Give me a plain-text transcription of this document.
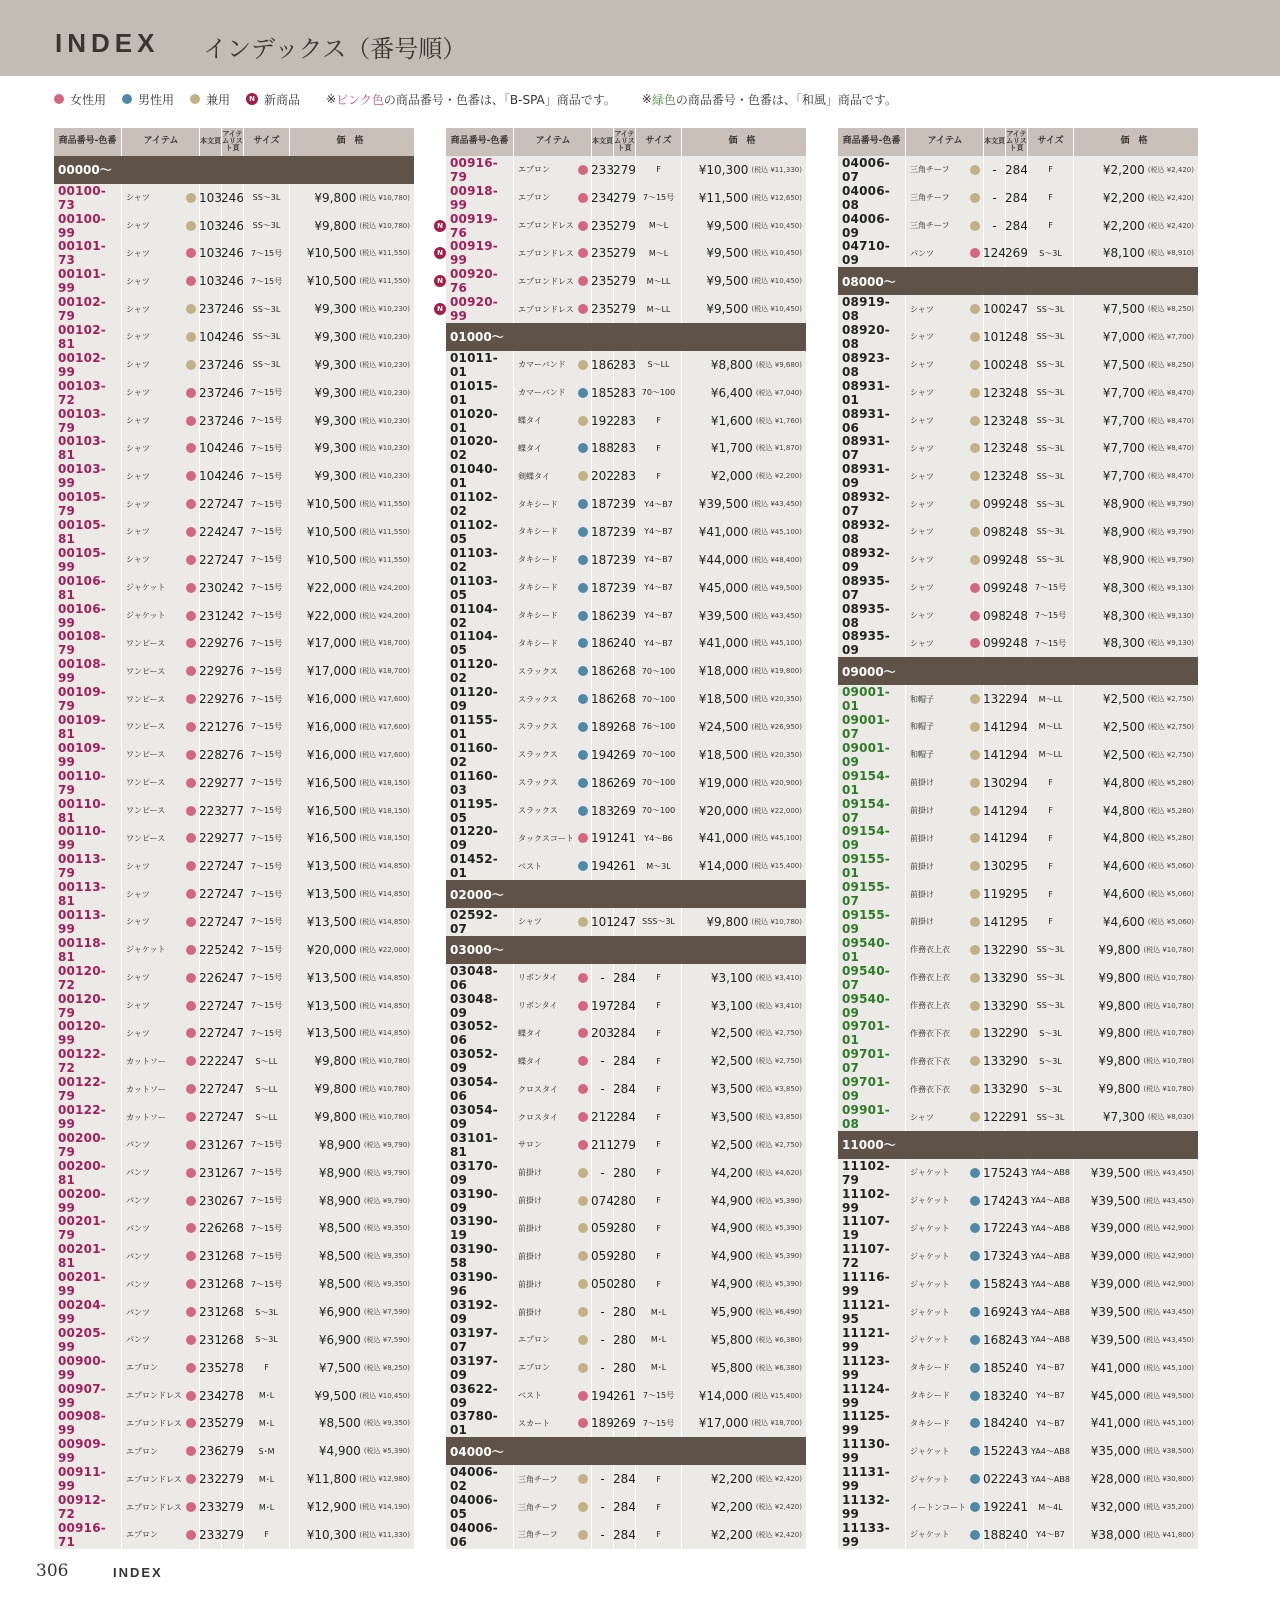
INDEX インデックス（番号順）
女性用	男性用	兼用	N 新商品 ※ ピンク色 の商品番号・色番は、「B-SPA」商品です。 ※ 緑色 の商品番号・色番は、「和風」商品です。
商品番号-色番	アイテム	本文頁
アイテムリスト頁
サイズ	価　格
00000～
00100-73
シャツ	103 246 SS～3L	¥9,800 (税込 ¥10,780)
00100-99
シャツ	103 246 SS～3L	¥9,800 (税込 ¥10,780)
00101-73
シャツ	103 246 7～15号 ¥10,500 (税込 ¥11,550)
00101-99
シャツ	103 246 7～15号 ¥10,500 (税込 ¥11,550)
00102-79
シャツ	237 246 SS～3L	¥9,300 (税込 ¥10,230)
00102-81
シャツ	104 246 SS～3L	¥9,300 (税込 ¥10,230)
00102-99
シャツ	237 246 SS～3L	¥9,300 (税込 ¥10,230)
00103-72
シャツ	237 246 7～15号	¥9,300 (税込 ¥10,230)
00103-79
シャツ	237 246 7～15号	¥9,300 (税込 ¥10,230)
00103-81
シャツ	104 246 7～15号	¥9,300 (税込 ¥10,230)
00103-99
シャツ	104 246 7～15号	¥9,300 (税込 ¥10,230)
00105-79
シャツ	227 247 7～15号 ¥10,500 (税込 ¥11,550)
00105-81
シャツ	224 247 7～15号 ¥10,500 (税込 ¥11,550)
00105-99
シャツ	227 247 7～15号 ¥10,500 (税込 ¥11,550)
00106-81
ジャケット	230 242 7～15号 ¥22,000 (税込 ¥24,200)
00106-99
ジャケット	231 242 7～15号 ¥22,000 (税込 ¥24,200)
00108-79
ワンピース	229 276 7～15号 ¥17,000 (税込 ¥18,700)
00108-99
ワンピース	229 276 7～15号 ¥17,000 (税込 ¥18,700)
00109-79
ワンピース	229 276 7～15号 ¥16,000 (税込 ¥17,600)
00109-81
ワンピース	221 276 7～15号 ¥16,000 (税込 ¥17,600)
00109-99
ワンピース	228 276 7～15号 ¥16,000 (税込 ¥17,600)
00110-79
ワンピース	229 277 7～15号 ¥16,500 (税込 ¥18,150)
00110-81
ワンピース	223 277 7～15号 ¥16,500 (税込 ¥18,150)
00110-99
ワンピース	229 277 7～15号 ¥16,500 (税込 ¥18,150)
00113-79
シャツ	227 247 7～15号 ¥13,500 (税込 ¥14,850)
00113-81
シャツ	227 247 7～15号 ¥13,500 (税込 ¥14,850)
00113-99
シャツ	227 247 7～15号 ¥13,500 (税込 ¥14,850)
00118-81
ジャケット	225 242 7～15号 ¥20,000 (税込 ¥22,000)
00120-72
シャツ	226 247 7～15号 ¥13,500 (税込 ¥14,850)
00120-79
シャツ	227 247 7～15号 ¥13,500 (税込 ¥14,850)
00120-99
シャツ	227 247 7～15号 ¥13,500 (税込 ¥14,850)
00122-72
カットソー	222 247 S～LL	¥9,800 (税込 ¥10,780)
00122-79
カットソー	227 247 S～LL	¥9,800 (税込 ¥10,780)
00122-99
カットソー	227 247 S～LL	¥9,800 (税込 ¥10,780)
00200-79
パンツ	231 267 7～15号	¥8,900 (税込 ¥9,790)
00200-81
パンツ	231 267 7～15号	¥8,900 (税込 ¥9,790)
00200-99
パンツ	230 267 7～15号	¥8,900 (税込 ¥9,790)
00201-79
パンツ	226 268 7～15号	¥8,500 (税込 ¥9,350)
00201-81
パンツ	231 268 7～15号	¥8,500 (税込 ¥9,350)
00201-99
パンツ	231 268 7～15号	¥8,500 (税込 ¥9,350)
00204-99
パンツ	231 268 S～3L	¥6,900 (税込 ¥7,590)
00205-99
パンツ	231 268 S～3L	¥6,900 (税込 ¥7,590)
00900-99
エプロン	235 278	F	¥7,500 (税込 ¥8,250)
00907-99
エプロンドレス 234 278 M･L	¥9,500 (税込 ¥10,450)
00908-99
エプロンドレス 235 279 M･L	¥8,500 (税込 ¥9,350)
00909-99
エプロン	236 279 S･M	¥4,900 (税込 ¥5,390)
00911-99
エプロンドレス 232 279 M･L	¥11,800 (税込 ¥12,980)
00912-72
エプロンドレス 233 279 M･L	¥12,900 (税込 ¥14,190)
00916-71
エプロン	233 279	F	¥10,300 (税込 ¥11,330)
商品番号-色番	アイテム	本文頁
アイテムリスト頁
サイズ	価　格
00916-79
エプロン	233 279	F	¥10,300 (税込 ¥11,330)
00918-99
エプロン	234 279 7～15号 ¥11,500 (税込 ¥12,650)
N
00919-76
エプロンドレス 235 279 M～L	¥9,500 (税込 ¥10,450)
N
00919-99
エプロンドレス 235 279 M～L	¥9,500 (税込 ¥10,450)
N
00920-76
エプロンドレス 235 279 M～LL	¥9,500 (税込 ¥10,450)
N
00920-99
エプロンドレス 235 279 M～LL	¥9,500 (税込 ¥10,450)
01000～
01011-01
カマーバンド 186 283 S～LL	¥8,800 (税込 ¥9,680)
01015-01
カマーバンド 185 283 70～100	¥6,400 (税込 ¥7,040)
01020-01
蝶タイ	192 283	F	¥1,600 (税込 ¥1,760)
01020-02
蝶タイ	188 283	F	¥1,700 (税込 ¥1,870)
01040-01
剣蝶タイ	202 283	F	¥2,000 (税込 ¥2,200)
01102-02
タキシード	187 239 Y4～B7 ¥39,500 (税込 ¥43,450)
01102-05
タキシード	187 239 Y4～B7 ¥41,000 (税込 ¥45,100)
01103-02
タキシード	187 239 Y4～B7 ¥44,000 (税込 ¥48,400)
01103-05
タキシード	187 239 Y4～B7 ¥45,000 (税込 ¥49,500)
01104-02
タキシード	186 239 Y4～B7 ¥39,500 (税込 ¥43,450)
01104-05
タキシード	186 240 Y4～B7 ¥41,000 (税込 ¥45,100)
01120-02
スラックス	186 268 70～100 ¥18,000 (税込 ¥19,800)
01120-09
スラックス	186 268 70～100 ¥18,500 (税込 ¥20,350)
01155-01
スラックス	189 268 76～100 ¥24,500 (税込 ¥26,950)
01160-02
スラックス	194 269 70～100 ¥18,500 (税込 ¥20,350)
01160-03
スラックス	186 269 70～100 ¥19,000 (税込 ¥20,900)
01195-05
スラックス	183 269 70～100 ¥20,000 (税込 ¥22,000)
01220-09
タックスコート 191 241 Y4～B6 ¥41,000 (税込 ¥45,100)
01452-01
ベスト	194 261 M～3L ¥14,000 (税込 ¥15,400)
02000～
02592-07
シャツ	101 247 SSS～3L	¥9,800 (税込 ¥10,780)
03000～
03048-06
リボンタイ	- 284	F	¥3,100 (税込 ¥3,410)
03048-09
リボンタイ	197 284	F	¥3,100 (税込 ¥3,410)
03052-06
蝶タイ	203 284	F	¥2,500 (税込 ¥2,750)
03052-09
蝶タイ	- 284	F	¥2,500 (税込 ¥2,750)
03054-06
クロスタイ	- 284	F	¥3,500 (税込 ¥3,850)
03054-09
クロスタイ	212 284	F	¥3,500 (税込 ¥3,850)
03101-81
サロン	211 279	F	¥2,500 (税込 ¥2,750)
03170-09
前掛け	- 280	F	¥4,200 (税込 ¥4,620)
03190-09
前掛け	074 280	F	¥4,900 (税込 ¥5,390)
03190-19
前掛け	059 280	F	¥4,900 (税込 ¥5,390)
03190-58
前掛け	059 280	F	¥4,900 (税込 ¥5,390)
03190-96
前掛け	050 280	F	¥4,900 (税込 ¥5,390)
03192-09
前掛け	- 280 M･L	¥5,900 (税込 ¥6,490)
03197-07
エプロン	- 280 M･L	¥5,800 (税込 ¥6,380)
03197-09
エプロン	- 280 M･L	¥5,800 (税込 ¥6,380)
03622-09
ベスト	194 261 7～15号 ¥14,000 (税込 ¥15,400)
03780-01
スカート	189 269 7～15号 ¥17,000 (税込 ¥18,700)
04000～
04006-02
三角チーフ	- 284	F	¥2,200 (税込 ¥2,420)
04006-05
三角チーフ	- 284	F	¥2,200 (税込 ¥2,420)
04006-06
三角チーフ	- 284	F	¥2,200 (税込 ¥2,420)
商品番号-色番	アイテム	本文頁
アイテムリスト頁
サイズ	価　格
04006-07
三角チーフ	- 284	F	¥2,200 (税込 ¥2,420)
04006-08
三角チーフ	- 284	F	¥2,200 (税込 ¥2,420)
04006-09
三角チーフ	- 284	F	¥2,200 (税込 ¥2,420)
04710-09
パンツ	124 269 S～3L	¥8,100 (税込 ¥8,910)
08000～
08919-08
シャツ	100 247 SS～3L	¥7,500 (税込 ¥8,250)
08920-08
シャツ	101 248 SS～3L	¥7,000 (税込 ¥7,700)
08923-08
シャツ	100 248 SS～3L	¥7,500 (税込 ¥8,250)
08931-01
シャツ	123 248 SS～3L	¥7,700 (税込 ¥8,470)
08931-06
シャツ	123 248 SS～3L	¥7,700 (税込 ¥8,470)
08931-07
シャツ	123 248 SS～3L	¥7,700 (税込 ¥8,470)
08931-09
シャツ	123 248 SS～3L	¥7,700 (税込 ¥8,470)
08932-07
シャツ	099 248 SS～3L	¥8,900 (税込 ¥9,790)
08932-08
シャツ	098 248 SS～3L	¥8,900 (税込 ¥9,790)
08932-09
シャツ	099 248 SS～3L	¥8,900 (税込 ¥9,790)
08935-07
シャツ	099 248 7～15号	¥8,300 (税込 ¥9,130)
08935-08
シャツ	098 248 7～15号	¥8,300 (税込 ¥9,130)
08935-09
シャツ	099 248 7～15号	¥8,300 (税込 ¥9,130)
09000～
09001-01
和帽子	132 294 M～LL	¥2,500 (税込 ¥2,750)
09001-07
和帽子	141 294 M～LL	¥2,500 (税込 ¥2,750)
09001-09
和帽子	141 294 M～LL	¥2,500 (税込 ¥2,750)
09154-01
前掛け	130 294	F	¥4,800 (税込 ¥5,280)
09154-07
前掛け	141 294	F	¥4,800 (税込 ¥5,280)
09154-09
前掛け	141 294	F	¥4,800 (税込 ¥5,280)
09155-01
前掛け	130 295	F	¥4,600 (税込 ¥5,060)
09155-07
前掛け	119 295	F	¥4,600 (税込 ¥5,060)
09155-09
前掛け	141 295	F	¥4,600 (税込 ¥5,060)
09540-01
作務衣上衣	132 290 SS～3L	¥9,800 (税込 ¥10,780)
09540-07
作務衣上衣	133 290 SS～3L	¥9,800 (税込 ¥10,780)
09540-09
作務衣上衣	133 290 SS～3L	¥9,800 (税込 ¥10,780)
09701-01
作務衣下衣	132 290 S～3L	¥9,800 (税込 ¥10,780)
09701-07
作務衣下衣	133 290 S～3L	¥9,800 (税込 ¥10,780)
09701-09
作務衣下衣	133 290 S～3L	¥9,800 (税込 ¥10,780)
09901-08
シャツ	122 291 SS～3L	¥7,300 (税込 ¥8,030)
11000～
11102-79
ジャケット	175 243 YA4～AB8 ¥39,500 (税込 ¥43,450)
11102-99
ジャケット	174 243 YA4～AB8 ¥39,500 (税込 ¥43,450)
11107-19
ジャケット	172 243 YA4～AB8 ¥39,000 (税込 ¥42,900)
11107-72
ジャケット	173 243 YA4～AB8 ¥39,000 (税込 ¥42,900)
11116-99
ジャケット	158 243 YA4～AB8 ¥39,000 (税込 ¥42,900)
11121-95
ジャケット	169 243 YA4～AB8 ¥39,500 (税込 ¥43,450)
11121-99
ジャケット	168 243 YA4～AB8 ¥39,500 (税込 ¥43,450)
11123-99
タキシード	185 240 Y4～B7 ¥41,000 (税込 ¥45,100)
11124-99
タキシード	183 240 Y4～B7 ¥45,000 (税込 ¥49,500)
11125-99
タキシード	184 240 Y4～B7 ¥41,000 (税込 ¥45,100)
11130-99
ジャケット	152 243 YA4～AB8 ¥35,000 (税込 ¥38,500)
11131-99
ジャケット	022 243 YA4～AB8 ¥28,000 (税込 ¥30,800)
11132-99
イートンコート 192 241 M～4L ¥32,000 (税込 ¥35,200)
11133-99
ジャケット	188 240 Y4～B7 ¥38,000 (税込 ¥41,800)
306	INDEX
